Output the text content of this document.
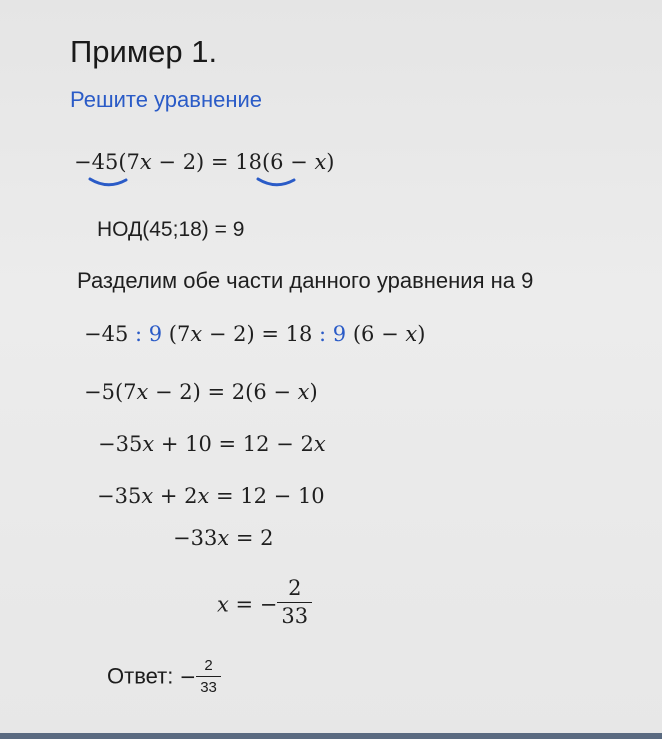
Пример 1.
Решите уравнение
−45(7x − 2) = 18(6 − x)
НОД(45;18) = 9
Разделим обе части данного уравнения на 9
−45 : 9 (7x − 2) = 18 : 9 (6 − x)
−5(7x − 2) = 2(6 − x)
−35x + 10 = 12 − 2x
−35x + 2x = 12 − 10
−33x = 2
x = − $\frac{2}{33}$
Ответ: − $\frac{2}{33}$
